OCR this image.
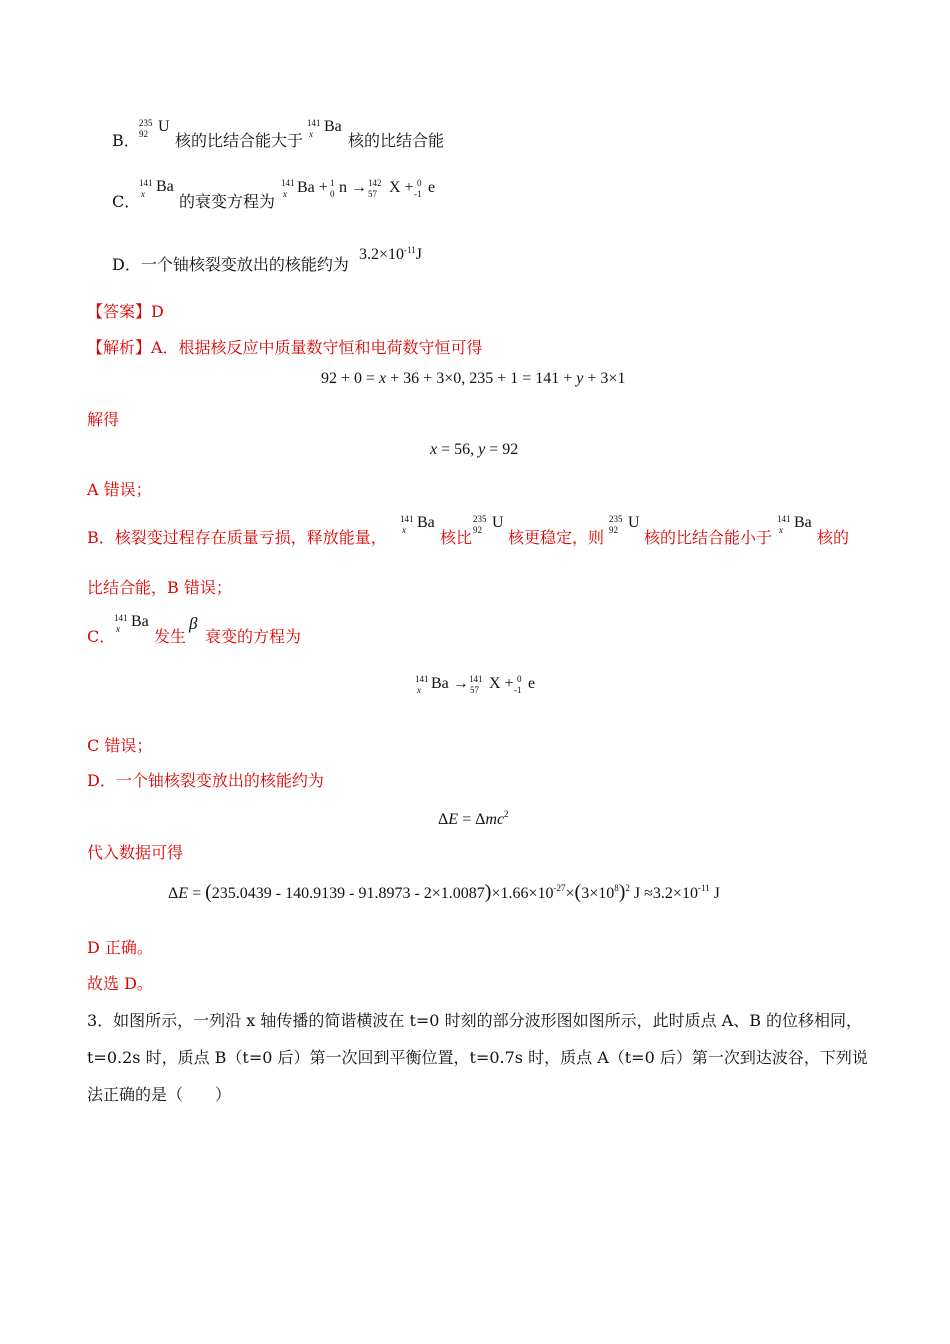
B．
235
92 U
核的比结合能大于
141
x Ba
核的比结合能
C．
141
x Ba
的衰变方程为
141
x Ba + 1
0 n → 142
57 X + 0
-1 e
D．一个铀核裂变放出的核能约为
$3.2\times 10^{-11}J$
【答案】D
【解析】A．根据核反应中质量数守恒和电荷数守恒可得
92 + 0 = x + 36 + 3×0, 235 + 1 = 141 + y + 3×1
解得
x = 56, y = 92
A 错误；
B．核裂变过程存在质量亏损，释放能量，
141
x Ba
核比
235
92 U
核更稳定，则
235
92 U
核的比结合能小于
141
x Ba
核的
比结合能，B 错误；
C．
141
x Ba
发生
β
衰变的方程为
141
x Ba → 141
57 X + 0
-1 e
C 错误；
D．一个铀核裂变放出的核能约为
ΔE = Δmc$^2$
代入数据可得
$\Delta E = (235.0439 - 140.9139 - 91.8973 - 2\times 1.0087)\times 1.66\times 10^{-27}\times(3\times 10^8)^2$ $J \approx 3.2\times 10^{-11}$ J
D 正确。
故选 D。
3．如图所示，一列沿 x 轴传播的简谐横波在 t=0 时刻的部分波形图如图所示，此时质点 A、B 的位移相同，
t=0.2s 时，质点 B（t=0 后）第一次回到平衡位置，t=0.7s 时，质点 A（t=0 后）第一次到达波谷，下列说
法正确的是（　　）
